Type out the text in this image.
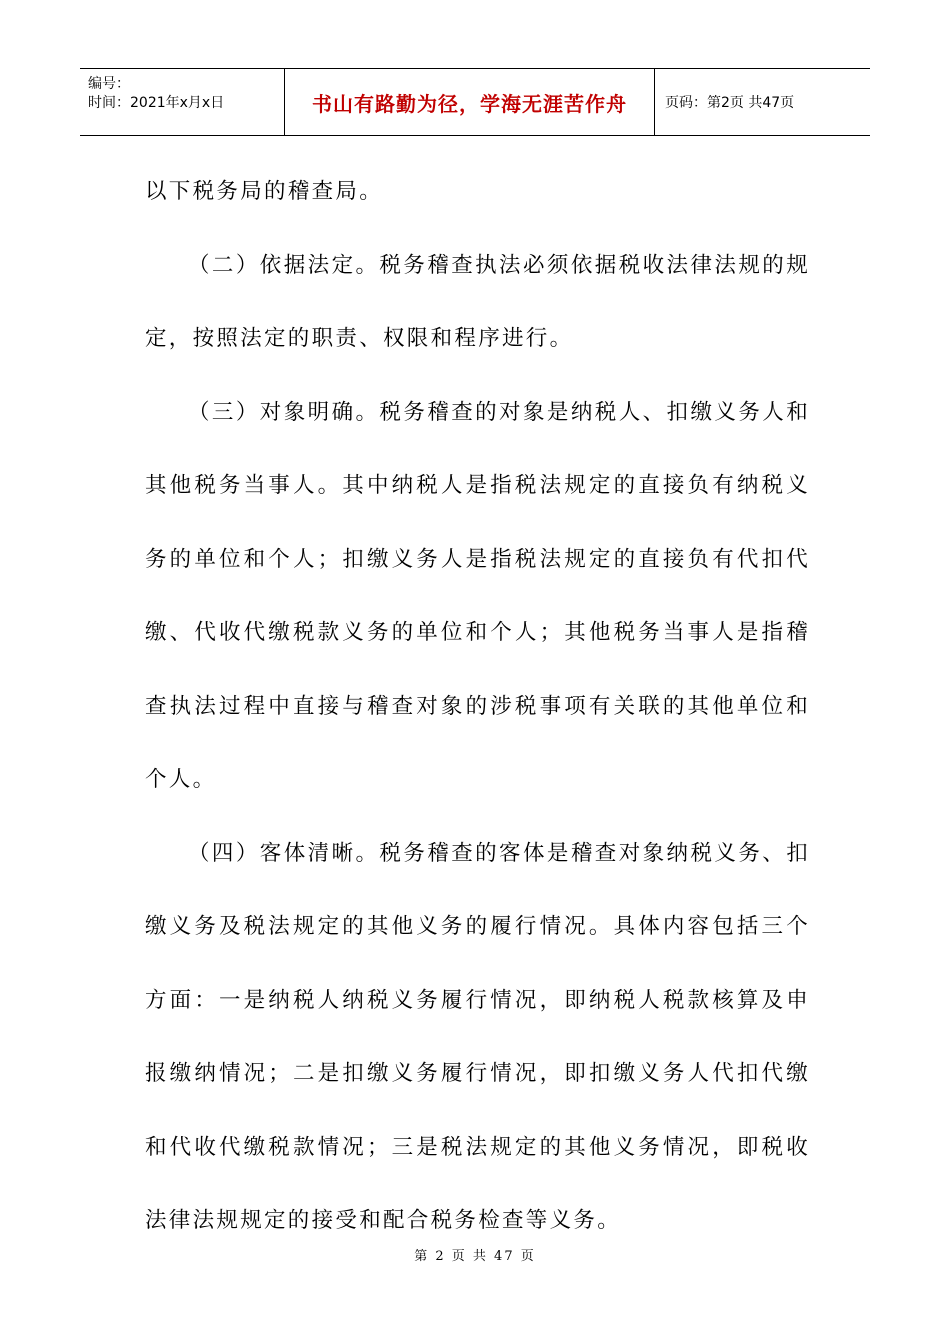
编号：
时间：2021年x月x日	书山有路勤为径，学海无涯苦作舟	页码：第2页 共47页

以下税务局的稽查局。

（二）依据法定。税务稽查执法必须依据税收法律法规的规定，按照法定的职责、权限和程序进行。

（三）对象明确。税务稽查的对象是纳税人、扣缴义务人和其他税务当事人。其中纳税人是指税法规定的直接负有纳税义务的单位和个人；扣缴义务人是指税法规定的直接负有代扣代缴、代收代缴税款义务的单位和个人；其他税务当事人是指稽查执法过程中直接与稽查对象的涉税事项有关联的其他单位和个人。

（四）客体清晰。税务稽查的客体是稽查对象纳税义务、扣缴义务及税法规定的其他义务的履行情况。具体内容包括三个方面：一是纳税人纳税义务履行情况，即纳税人税款核算及申报缴纳情况；二是扣缴义务履行情况，即扣缴义务人代扣代缴和代收代缴税款情况；三是税法规定的其他义务情况，即税收法律法规规定的接受和配合税务检查等义务。

第 2 页 共 47 页
